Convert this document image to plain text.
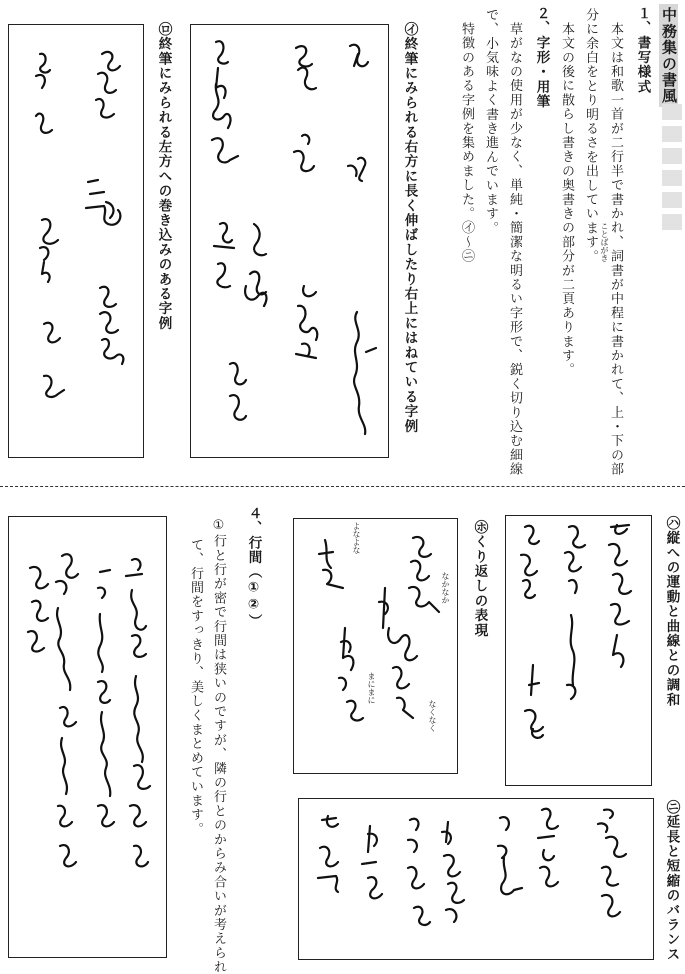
中務集の書風
１、書写様式
本文は和歌一首が二行半で書かれ、詞書が中程に書かれて、上・下の部
ことばがき
分に余白をとり明るさを出しています。
本文の後に散らし書きの奥書きの部分が二頁あります。
２、字形・用筆
草がなの使用が少なく、単純・簡潔な明るい字形で、鋭く切り込む細線
で、小気味よく書き進んでいます。
特徴のある字例を集めました。㋑〜㋥
㋑終筆にみられる右方に長く伸ばしたり右上にはねている字例
㋺終筆にみられる左方への巻き込みのある字例
㋩縦への運動と曲線との調和
㋭くり返しの表現
なかなか
よなよな
なくなく
まにまに
㋥延長と短縮のバランス
４、行間（①②）
①行と行が密で行間は狭いのですが、隣の行とのからみ合いが考えられ
て、行間をすっきり、美しくまとめています。
